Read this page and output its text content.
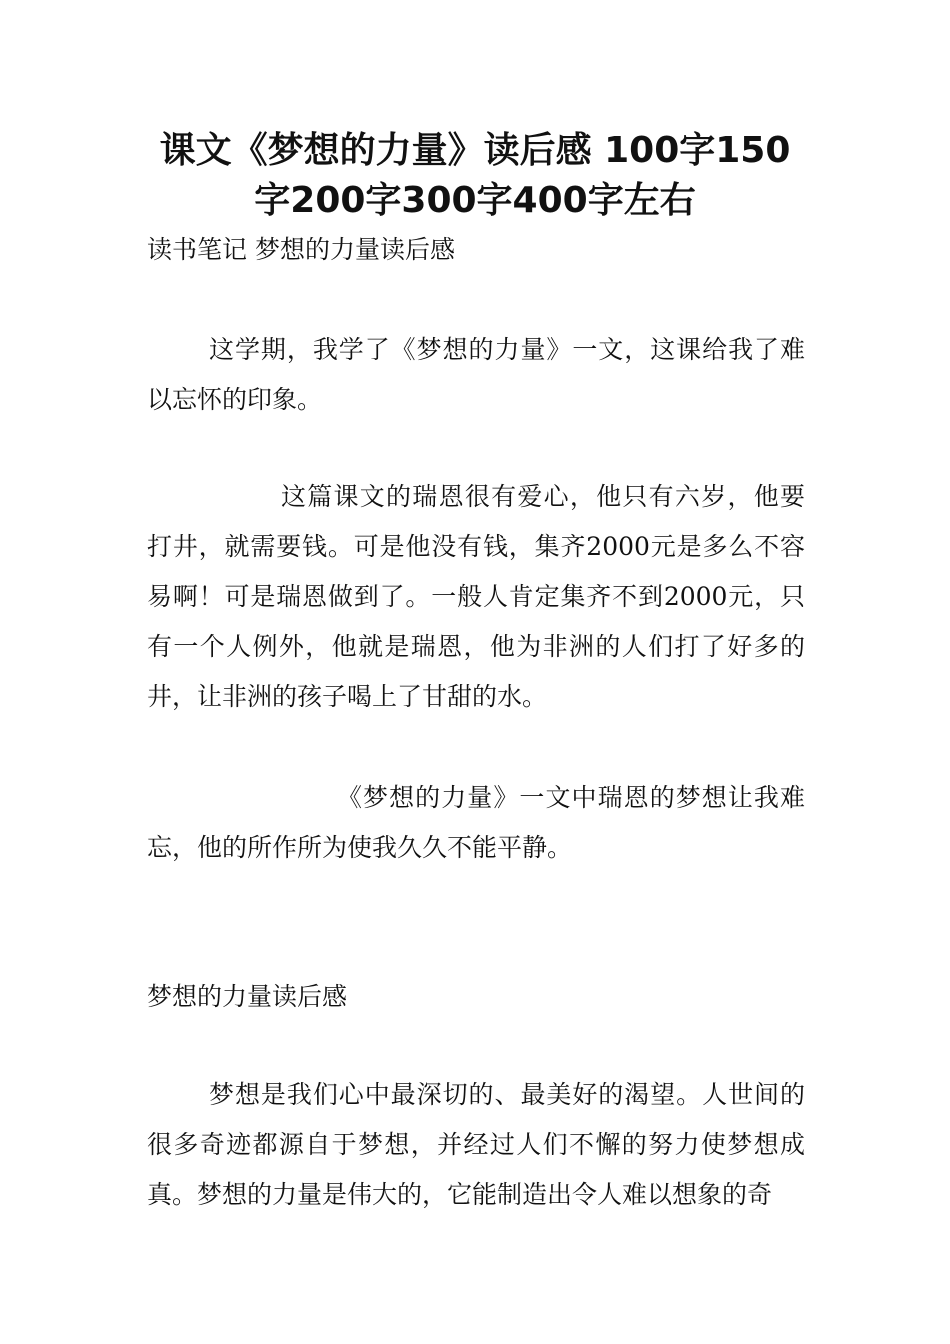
课文《梦想的力量》读后感 100字150
字200字300字400字左右

读书笔记 梦想的力量读后感

这学期，我学了《梦想的力量》一文，这课给我了难以忘怀的印象。

这篇课文的瑞恩很有爱心，他只有六岁，他要打井，就需要钱。可是他没有钱，集齐2000元是多么不容易啊！可是瑞恩做到了。一般人肯定集齐不到2000元，只有一个人例外，他就是瑞恩，他为非洲的人们打了好多的井，让非洲的孩子喝上了甘甜的水。

《梦想的力量》一文中瑞恩的梦想让我难忘，他的所作所为使我久久不能平静。

梦想的力量读后感

梦想是我们心中最深切的、最美好的渴望。人世间的很多奇迹都源自于梦想，并经过人们不懈的努力使梦想成真。梦想的力量是伟大的，它能制造出令人难以想象的奇
